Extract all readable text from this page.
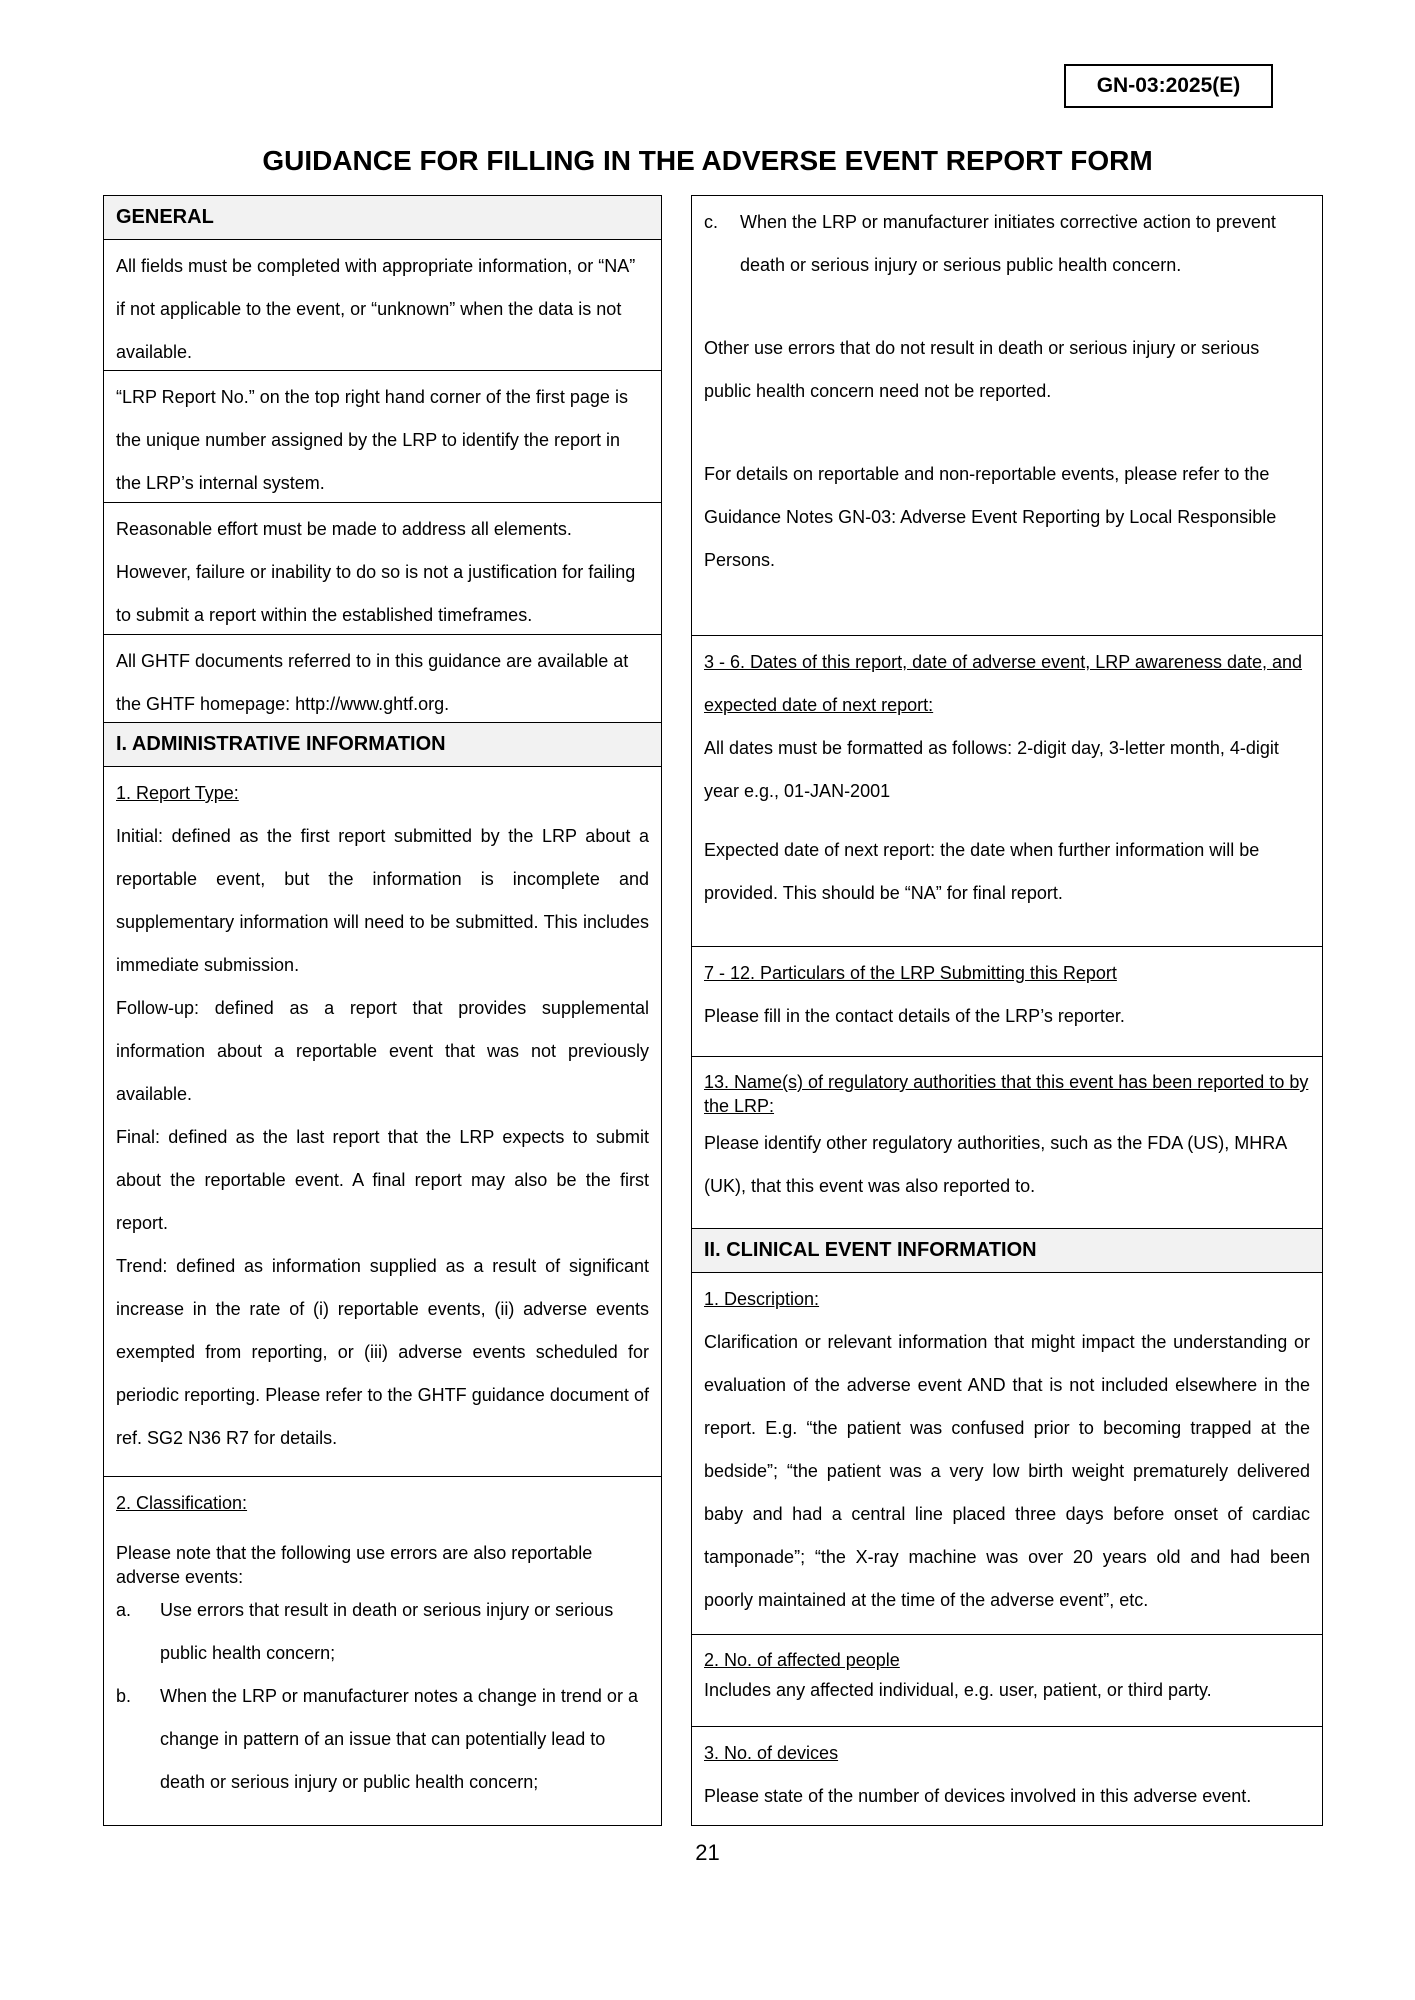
GN-03:2025(E)
GUIDANCE FOR FILLING IN THE ADVERSE EVENT REPORT FORM
GENERAL

All fields must be completed with appropriate information, or “NA” if not applicable to the event, or “unknown” when the data is not available.

“LRP Report No.” on the top right hand corner of the first page is the unique number assigned by the LRP to identify the report in the LRP’s internal system.

Reasonable effort must be made to address all elements. However, failure or inability to do so is not a justification for failing to submit a report within the established timeframes.

All GHTF documents referred to in this guidance are available at the GHTF homepage: http://www.ghtf.org.

I. ADMINISTRATIVE INFORMATION

1. Report Type:

Initial: defined as the first report submitted by the LRP about a reportable event, but the information is incomplete and supplementary information will need to be submitted. This includes immediate submission.

Follow-up: defined as a report that provides supplemental information about a reportable event that was not previously available.

Final: defined as the last report that the LRP expects to submit about the reportable event. A final report may also be the first report.

Trend: defined as information supplied as a result of significant increase in the rate of (i) reportable events, (ii) adverse events exempted from reporting, or (iii) adverse events scheduled for periodic reporting. Please refer to the GHTF guidance document of ref. SG2 N36 R7 for details.

2. Classification:

Please note that the following use errors are also reportable adverse events:

a.	Use errors that result in death or serious injury or serious public health concern;
b.	When the LRP or manufacturer notes a change in trend or a change in pattern of an issue that can potentially lead to death or serious injury or public health concern;
c.	When the LRP or manufacturer initiates corrective action to prevent death or serious injury or serious public health concern.

Other use errors that do not result in death or serious injury or serious public health concern need not be reported.

For details on reportable and non-reportable events, please refer to the Guidance Notes GN-03: Adverse Event Reporting by Local Responsible Persons.

3 - 6. Dates of this report, date of adverse event, LRP awareness date, and expected date of next report:

All dates must be formatted as follows: 2-digit day, 3-letter month, 4-digit year e.g., 01-JAN-2001

Expected date of next report: the date when further information will be provided. This should be “NA” for final report.

7 - 12. Particulars of the LRP Submitting this Report

Please fill in the contact details of the LRP’s reporter.

13. Name(s) of regulatory authorities that this event has been reported to by the LRP:

Please identify other regulatory authorities, such as the FDA (US), MHRA (UK), that this event was also reported to.

II. CLINICAL EVENT INFORMATION

1. Description:

Clarification or relevant information that might impact the understanding or evaluation of the adverse event AND that is not included elsewhere in the report. E.g. “the patient was confused prior to becoming trapped at the bedside”; “the patient was a very low birth weight prematurely delivered baby and had a central line placed three days before onset of cardiac tamponade”; “the X-ray machine was over 20 years old and had been poorly maintained at the time of the adverse event”, etc.

2. No. of affected people

Includes any affected individual, e.g. user, patient, or third party.

3. No. of devices

Please state of the number of devices involved in this adverse event.

21
